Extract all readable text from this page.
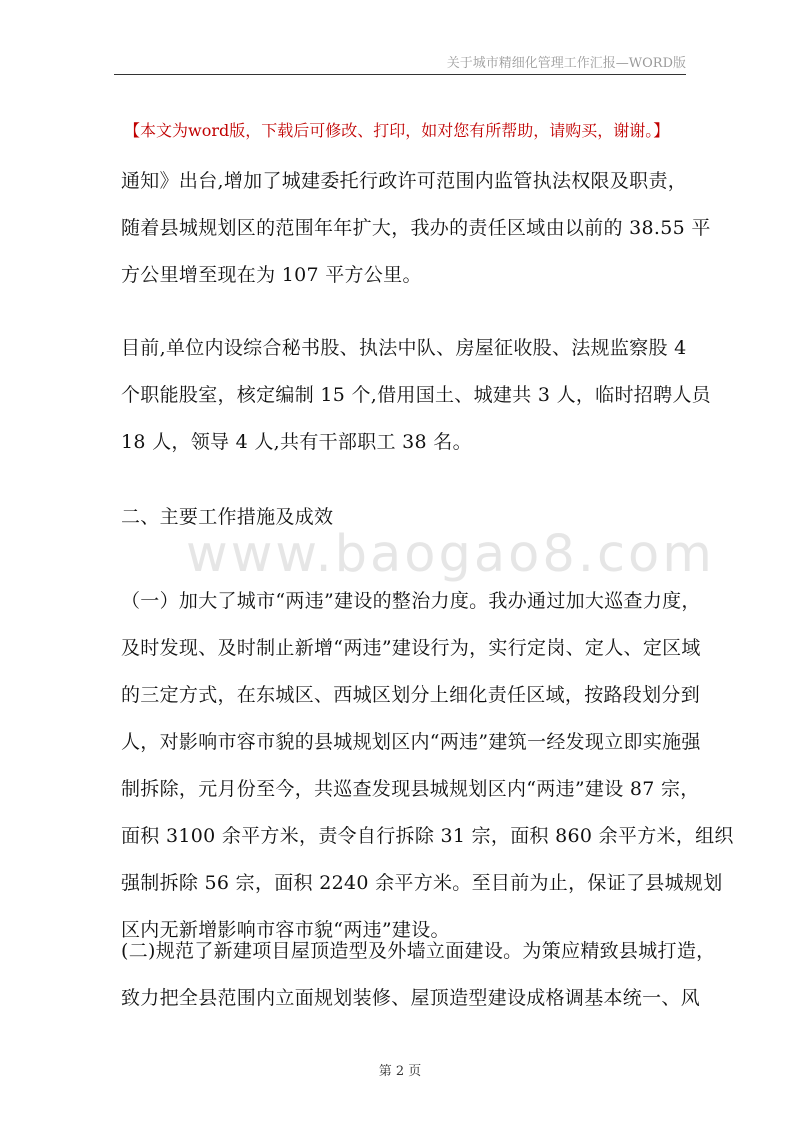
关于城市精细化管理工作汇报—WORD版
【本文为word版，下载后可修改、打印，如对您有所帮助，请购买，谢谢。】
www.baogao8.com
通知》出台,增加了城建委托行政许可范围内监管执法权限及职责，
随着县城规划区的范围年年扩大，我办的责任区域由以前的 38.55 平
方公里增至现在为 107 平方公里。
目前,单位内设综合秘书股、执法中队、房屋征收股、法规监察股 4
个职能股室，核定编制 15 个,借用国土、城建共 3 人，临时招聘人员
18 人，领导 4 人,共有干部职工 38 名。
二、主要工作措施及成效
（一）加大了城市“两违”建设的整治力度。我办通过加大巡查力度，
及时发现、及时制止新增“两违”建设行为，实行定岗、定人、定区域
的三定方式，在东城区、西城区划分上细化责任区域，按路段划分到
人，对影响市容市貌的县城规划区内“两违”建筑一经发现立即实施强
制拆除，元月份至今，共巡查发现县城规划区内“两违”建设 87 宗，
面积 3100 余平方米，责令自行拆除 31 宗，面积 860 余平方米，组织
强制拆除 56 宗，面积 2240 余平方米。至目前为止，保证了县城规划
区内无新增影响市容市貌“两违”建设。
(二)规范了新建项目屋顶造型及外墙立面建设。为策应精致县城打造，
致力把全县范围内立面规划装修、屋顶造型建设成格调基本统一、风
第 2 页
